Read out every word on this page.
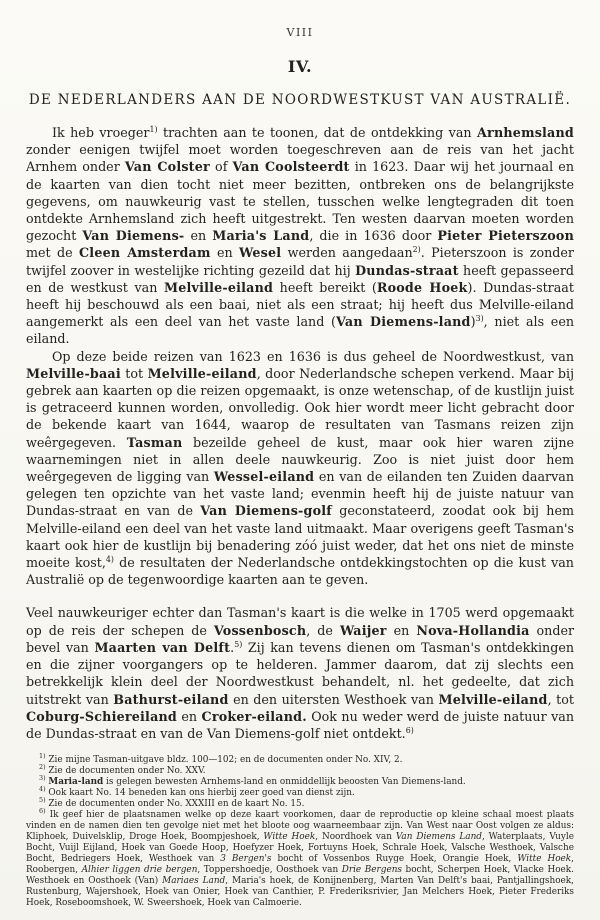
VIII
IV.
DE NEDERLANDERS AAN DE NOORDWESTKUST VAN AUSTRALIË.

Ik heb vroeger$^{1)}$ trachten aan te toonen, dat de ontdekking van Arnhemsland zonder eenigen twijfel moet worden toegeschreven aan de reis van het jacht Arnhem onder Van Colster of Van Coolsteerdt in 1623. Daar wij het journaal en de kaarten van dien tocht niet meer bezitten, ontbreken ons de belangrijkste gegevens, om nauwkeurig vast te stellen, tusschen welke lengtegraden dit toen ontdekte Arnhemsland zich heeft uitgestrekt. Ten westen daarvan moeten worden gezocht Van Diemens- en Maria's Land, die in 1636 door Pieter Pieterszoon met de Cleen Amsterdam en Wesel werden aangedaan$^{2)}$. Pieterszoon is zonder twijfel zoover in westelijke richting gezeild dat hij Dundas-straat heeft gepasseerd en de westkust van Melville-eiland heeft bereikt (Roode Hoek). Dundas-straat heeft hij beschouwd als een baai, niet als een straat; hij heeft dus Melville-eiland aangemerkt als een deel van het vaste land (Van Diemens-land)$^{3)}$, niet als een eiland.

Op deze beide reizen van 1623 en 1636 is dus geheel de Noordwestkust, van Melville-baai tot Melville-eiland, door Nederlandsche schepen verkend. Maar bij gebrek aan kaarten op die reizen opgemaakt, is onze wetenschap, of de kustlijn juist is getraceerd kunnen worden, onvolledig. Ook hier wordt meer licht gebracht door de bekende kaart van 1644, waarop de resultaten van Tasmans reizen zijn weêrgegeven. Tasman bezeilde geheel de kust, maar ook hier waren zijne waarnemingen niet in allen deele nauwkeurig. Zoo is niet juist door hem weêrgegeven de ligging van Wessel-eiland en van de eilanden ten Zuiden daarvan gelegen ten opzichte van het vaste land; evenmin heeft hij de juiste natuur van Dundas-straat en van de Van Diemens-golf geconstateerd, zoodat ook bij hem Melville-eiland een deel van het vaste land uitmaakt. Maar overigens geeft Tasman's kaart ook hier de kustlijn bij benadering zóó juist weder, dat het ons niet de minste moeite kost,$^{4)}$ de resultaten der Nederlandsche ontdekkingstochten op die kust van Australië op de tegenwoordige kaarten aan te geven.

Veel nauwkeuriger echter dan Tasman's kaart is die welke in 1705 werd opgemaakt op de reis der schepen de Vossenbosch, de Waijer en Nova-Hollandia onder bevel van Maarten van Delft.$^{5)}$ Zij kan tevens dienen om Tasman's ontdekkingen en die zijner voorgangers op te helderen. Jammer daarom, dat zij slechts een betrekkelijk klein deel der Noordwestkust behandelt, nl. het gedeelte, dat zich uitstrekt van Bathurst-eiland en den uitersten Westhoek van Melville-eiland, tot Coburg-Schiereiland en Croker-eiland. Ook nu weder werd de juiste natuur van de Dundas-straat en van de Van Diemens-golf niet ontdekt.$^{6)}$

$^{1)}$ Zie mijne Tasman-uitgave bldz. 100—102; en de documenten onder No. XIV, 2.

$^{2)}$ Zie de documenten onder No. XXV.

$^{3)}$ Maria-land is gelegen bewesten Arnhems-land en onmiddellijk beoosten Van Diemens-land.

$^{4)}$ Ook kaart No. 14 beneden kan ons hierbij zeer goed van dienst zijn.

$^{5)}$ Zie de documenten onder No. XXXIII en de kaart No. 15.

$^{6)}$ Ik geef hier de plaatsnamen welke op deze kaart voorkomen, daar de reproductie op kleine schaal moest plaats vinden en de namen dien ten gevolge niet met het bloote oog waarneembaar zijn. Van West naar Oost volgen ze aldus: Kliphoek, Duivelsklip, Droge Hoek, Boompjeshoek, Witte Hoek, Noordhoek van Van Diemens Land, Waterplaats, Vuyle Bocht, Vuijl Eijland, Hoek van Goede Hoop, Hoefyzer Hoek, Fortuyns Hoek, Schrale Hoek, Valsche Westhoek, Valsche Bocht, Bedriegers Hoek, Westhoek van 3 Bergen's bocht of Vossenbos Ruyge Hoek, Orangie Hoek, Witte Hoek, Roobergen, Alhier liggen drie bergen, Toppershoedje, Oosthoek van Drie Bergens bocht, Scherpen Hoek, Vlacke Hoek. Westhoek en Oosthoek (Van) Mariaes Land, Maria's hoek, de Konijnenberg, Marten Van Delft's baai, Pantjallingshoek, Rustenburg, Wajershoek, Hoek van Onier, Hoek van Canthier, P. Frederiksrivier, Jan Melchers Hoek, Pieter Frederiks Hoek, Roseboomshoek, W. Sweershoek, Hoek van Calmoerie.
